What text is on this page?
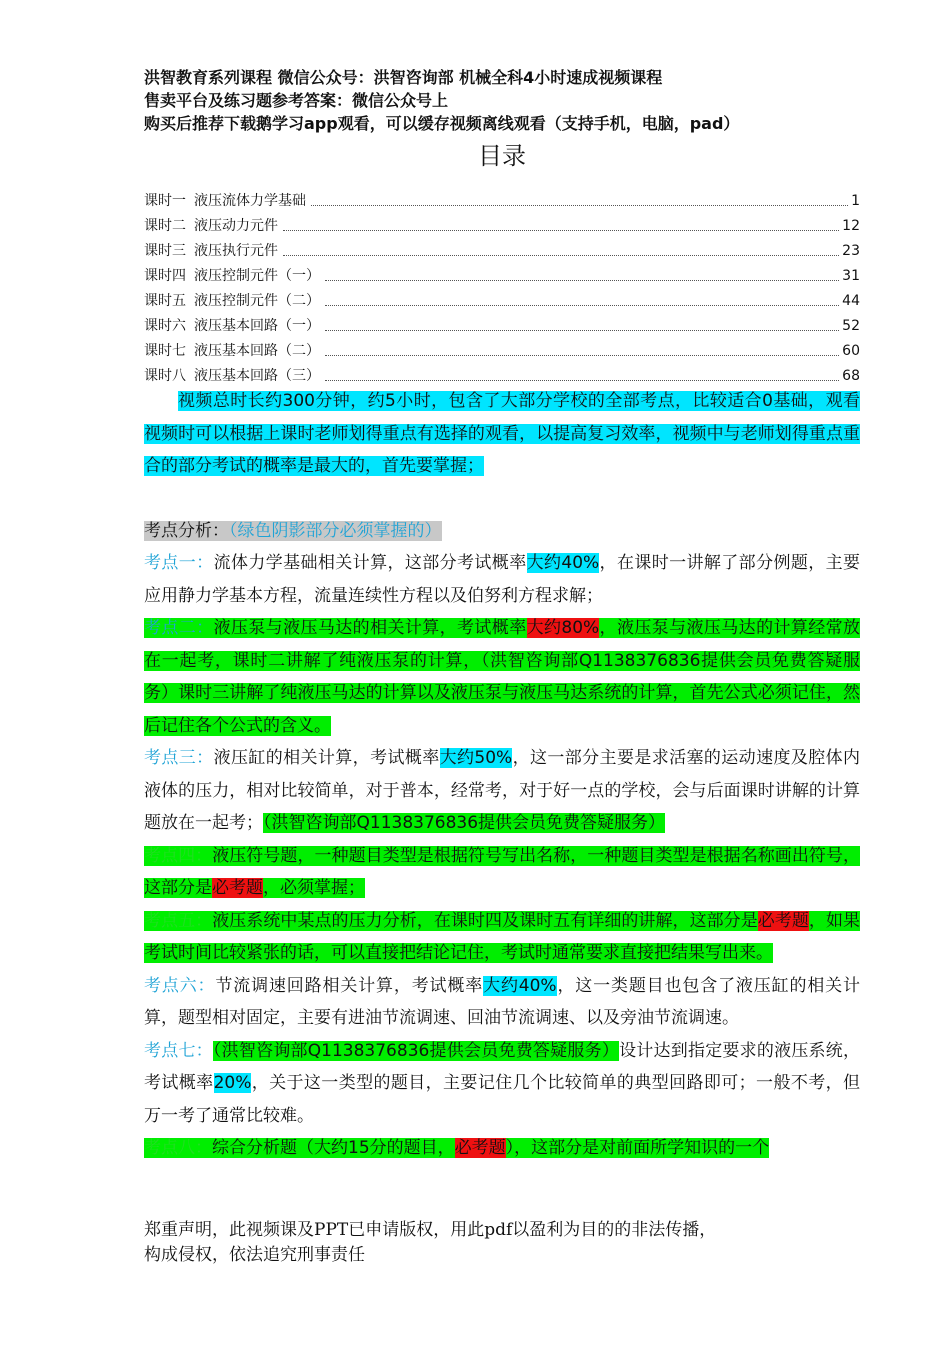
洪智教育系列课程 微信公众号：洪智咨询部 机械全科4小时速成视频课程
售卖平台及练习题参考答案：微信公众号上
购买后推荐下载鹅学习app观看，可以缓存视频离线观看（支持手机，电脑，pad）
目录
课时一 液压流体力学基础	1
课时二 液压动力元件	12
课时三 液压执行元件	23
课时四 液压控制元件（一）	31
课时五 液压控制元件（二）	44
课时六 液压基本回路（一）	52
课时七 液压基本回路（二）	60
课时八 液压基本回路（三）	68

视频总时长约300分钟，约5小时，包含了大部分学校的全部考点，比较适合0基础，观看视频时可以根据上课时老师划得重点有选择的观看，以提高复习效率，视频中与老师划得重点重合的部分考试的概率是最大的，首先要掌握；

考点分析：（绿色阴影部分必须掌握的）

考点一：流体力学基础相关计算，这部分考试概率大约40%，在课时一讲解了部分例题，主要应用静力学基本方程，流量连续性方程以及伯努利方程求解；

考点二：液压泵与液压马达的相关计算，考试概率大约80%，液压泵与液压马达的计算经常放在一起考，课时二讲解了纯液压泵的计算，（洪智咨询部Q1138376836提供会员免费答疑服务）课时三讲解了纯液压马达的计算以及液压泵与液压马达系统的计算，首先公式必须记住，然后记住各个公式的含义。

考点三：液压缸的相关计算，考试概率大约50%，这一部分主要是求活塞的运动速度及腔体内液体的压力，相对比较简单，对于普本，经常考，对于好一点的学校，会与后面课时讲解的计算题放在一起考；（洪智咨询部Q1138376836提供会员免费答疑服务）

考点四：液压符号题，一种题目类型是根据符号写出名称，一种题目类型是根据名称画出符号，这部分是必考题，必须掌握；

考点五：液压系统中某点的压力分析，在课时四及课时五有详细的讲解，这部分是必考题，如果考试时间比较紧张的话，可以直接把结论记住，考试时通常要求直接把结果写出来。

考点六：节流调速回路相关计算，考试概率大约40%，这一类题目也包含了液压缸的相关计算，题型相对固定，主要有进油节流调速、回油节流调速、以及旁油节流调速。

考点七：（洪智咨询部Q1138376836提供会员免费答疑服务）设计达到指定要求的液压系统，考试概率20%，关于这一类型的题目，主要记住几个比较简单的典型回路即可；一般不考，但万一考了通常比较难。

考点八：综合分析题（大约15分的题目，必考题），这部分是对前面所学知识的一个

郑重声明，此视频课及PPT已申请版权，用此pdf以盈利为目的的非法传播，
构成侵权，依法追究刑事责任
